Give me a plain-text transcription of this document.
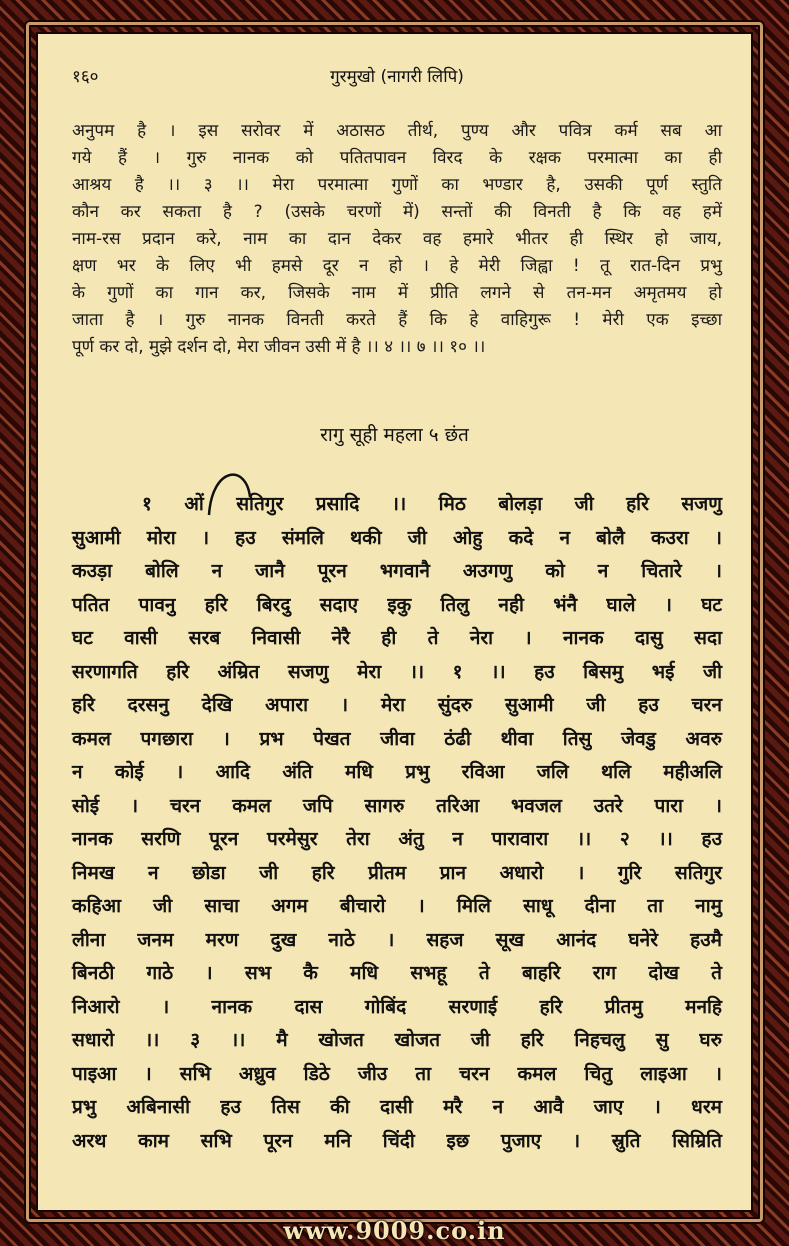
१६०	गुरमुखो (नागरी लिपि)
अनुपम है । इस सरोवर में अठासठ तीर्थ, पुण्य और पवित्र कर्म सब आ
गये हैं । गुरु नानक को पतितपावन विरद के रक्षक परमात्मा का ही
आश्रय है ।। ३ ।। मेरा परमात्मा गुणों का भण्डार है, उसकी पूर्ण स्तुति
कौन कर सकता है ? (उसके चरणों में) सन्तों की विनती है कि वह हमें
नाम-रस प्रदान करे, नाम का दान देकर वह हमारे भीतर ही स्थिर हो जाय,
क्षण भर के लिए भी हमसे दूर न हो । हे मेरी जिह्वा ! तू रात-दिन प्रभु
के गुणों का गान कर, जिसके नाम में प्रीति लगने से तन-मन अमृतमय हो
जाता है । गुरु नानक विनती करते हैं कि हे वाहिगुरू ! मेरी एक इच्छा
पूर्ण कर दो, मुझे दर्शन दो, मेरा जीवन उसी में है ।। ४ ।। ७ ।। १० ।।
रागु सूही महला ५ छंत
१ ओं सतिगुर प्रसादि ।। मिठ बोलड़ा जी हरि सजणु
सुआमी मोरा । हउ संमलि थकी जी ओहु कदे न बोलै कउरा ।
कउड़ा बोलि न जानै पूरन भगवानै अउगणु को न चितारे ।
पतित पावनु हरि बिरदु सदाए इकु तिलु नही भंनै घाले । घट
घट वासी सरब निवासी नेरै ही ते नेरा । नानक दासु सदा
सरणागति हरि अंम्रित सजणु मेरा ।। १ ।। हउ बिसमु भई जी
हरि दरसनु देखि अपारा । मेरा सुंदरु सुआमी जी हउ चरन
कमल पगछारा । प्रभ पेखत जीवा ठंढी थीवा तिसु जेवडु अवरु
न कोई । आदि अंति मधि प्रभु रविआ जलि थलि महीअलि
सोई । चरन कमल जपि सागरु तरिआ भवजल उतरे पारा ।
नानक सरणि पूरन परमेसुर तेरा अंतु न पारावारा ।। २ ।। हउ
निमख न छोडा जी हरि प्रीतम प्रान अधारो । गुरि सतिगुर
कहिआ जी साचा अगम बीचारो । मिलि साधू दीना ता नामु
लीना जनम मरण दुख नाठे । सहज सूख आनंद घनेरे हउमै
बिनठी गाठे । सभ कै मधि सभहू ते बाहरि राग दोख ते
निआरो । नानक दास गोबिंद सरणाई हरि प्रीतमु मनहि
सधारो ।। ३ ।। मै खोजत खोजत जी हरि निहचलु सु घरु
पाइआ । सभि अध्रुव डिठे जीउ ता चरन कमल चितु लाइआ ।
प्रभु अबिनासी हउ तिस की दासी मरै न आवै जाए । धरम
अरथ काम सभि पूरन मनि चिंदी इछ पुजाए । स्रुति सिम्रिति
www.9009.co.in
